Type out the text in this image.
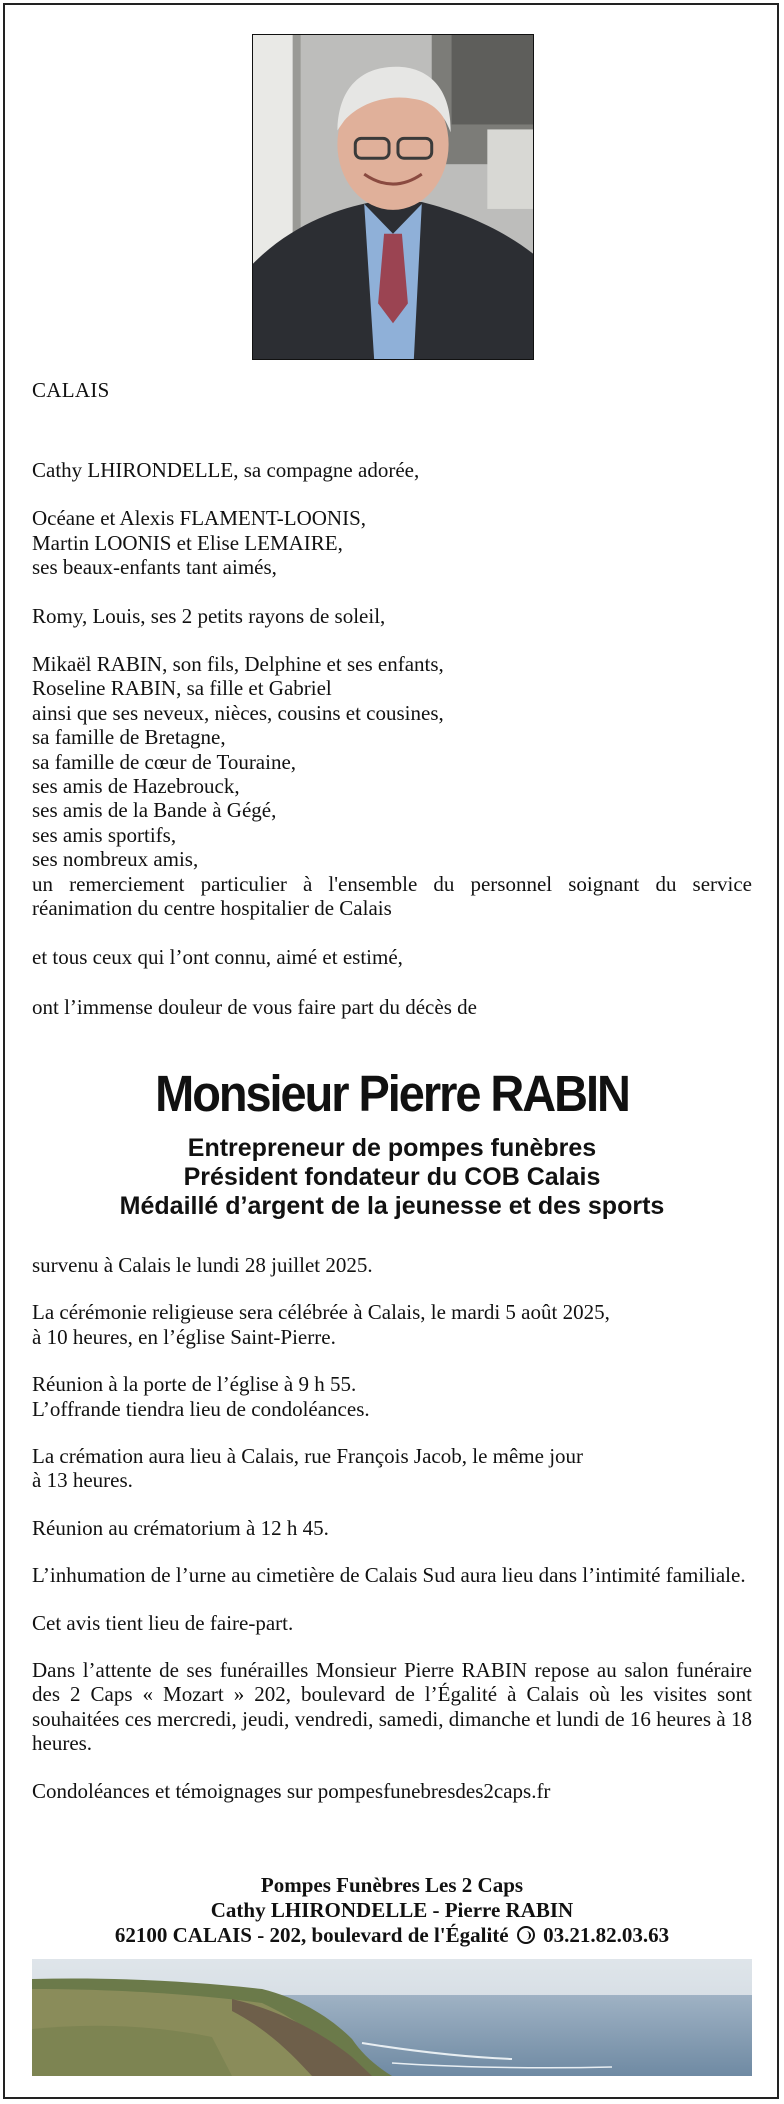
CALAIS

Cathy LHIRONDELLE, sa compagne adorée,

Océane et Alexis FLAMENT-LOONIS,

Martin LOONIS et Elise LEMAIRE,

ses beaux-enfants tant aimés,

Romy, Louis, ses 2 petits rayons de soleil,

Mikaël RABIN, son fils, Delphine et ses enfants,

Roseline RABIN, sa fille et Gabriel

ainsi que ses neveux, nièces, cousins et cousines,

sa famille de Bretagne,

sa famille de cœur de Touraine,

ses amis de Hazebrouck,

ses amis de la Bande à Gégé,

ses amis sportifs,

ses nombreux amis,

un remerciement particulier à l'ensemble du personnel soignant du service réanimation du centre hospitalier de Calais

et tous ceux qui l’ont connu, aimé et estimé,

ont l’immense douleur de vous faire part du décès de

Monsieur Pierre RABIN
Entrepreneur de pompes funèbres
Président fondateur du COB Calais
Médaillé d’argent de la jeunesse et des sports

survenu à Calais le lundi 28 juillet 2025.

La cérémonie religieuse sera célébrée à Calais, le mardi 5 août 2025,
à 10 heures, en l’église Saint-Pierre.

Réunion à la porte de l’église à 9 h 55.
L’offrande tiendra lieu de condoléances.

La crémation aura lieu à Calais, rue François Jacob, le même jour
à 13 heures.

Réunion au crématorium à 12 h 45.

L’inhumation de l’urne au cimetière de Calais Sud aura lieu dans l’intimité familiale.

Cet avis tient lieu de faire-part.

Dans l’attente de ses funérailles Monsieur Pierre RABIN repose au salon funéraire des 2 Caps « Mozart » 202, boulevard de l’Égalité à Calais où les visites sont souhaitées ces mercredi, jeudi, vendredi, samedi, dimanche et lundi de 16 heures à 18 heures.

Condoléances et témoignages sur pompesfunebresdes2caps.fr

Pompes Funèbres Les 2 Caps
Cathy LHIRONDELLE - Pierre RABIN
62100 CALAIS - 202, boulevard de l'Égalité 03.21.82.03.63
